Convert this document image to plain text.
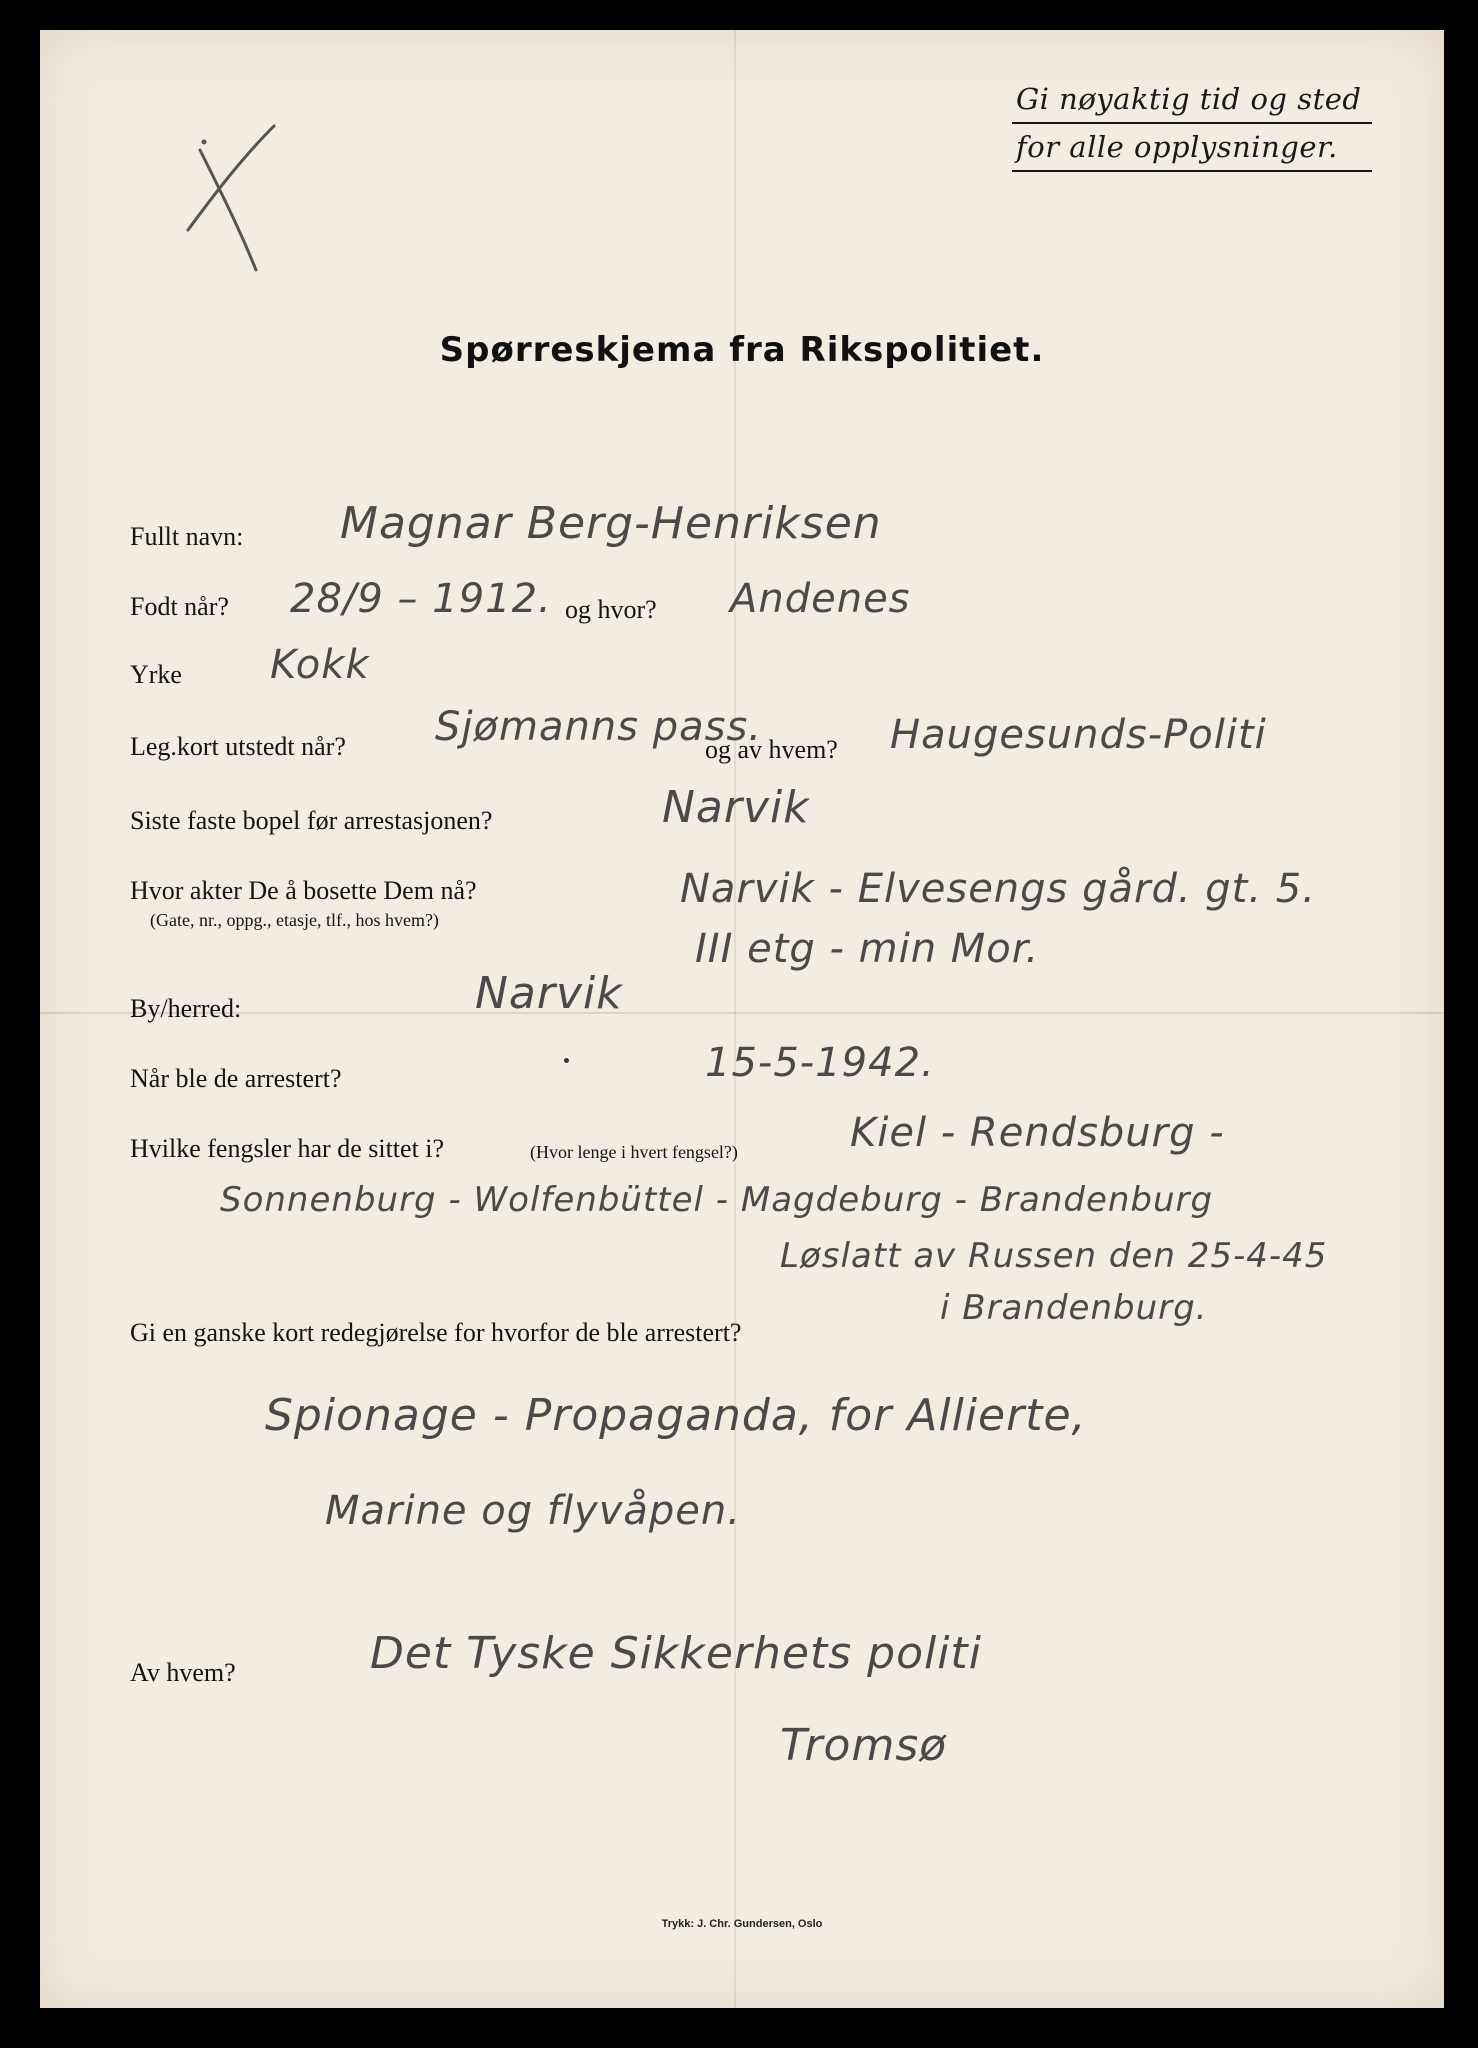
Gi nøyaktig tid og sted
for alle opplysninger.
Spørreskjema fra Rikspolitiet.
Fullt navn: Magnar Berg-Henriksen
Fodt når? 28/9 – 1912. og hvor? Andenes
Yrke Kokk
Leg.kort utstedt når? Sjømanns pass.
og av hvem? Haugesunds-Politi
Siste faste bopel før arrestasjonen?	Narvik
Hvor akter De å bosette Dem nå?
(Gate, nr., oppg., etasje, tlf., hos hvem?)
Narvik - Elvesengs gård. gt. 5.
III etg - min Mor.
By/herred:	Narvik
Når ble de arrestert?	15-5-1942.
Hvilke fengsler har de sittet i?	(Hvor lenge i hvert fengsel?)	Kiel - Rendsburg -
Sonnenburg - Wolfenbüttel - Magdeburg - Brandenburg
Løslatt av Russen den 25-4-45
i Brandenburg.
Gi en ganske kort redegjørelse for hvorfor de ble arrestert?
Spionage - Propaganda, for Allierte,
Marine og flyvåpen.
Av hvem?	Det Tyske Sikkerhets politi
Tromsø
Trykk: J. Chr. Gundersen, Oslo
